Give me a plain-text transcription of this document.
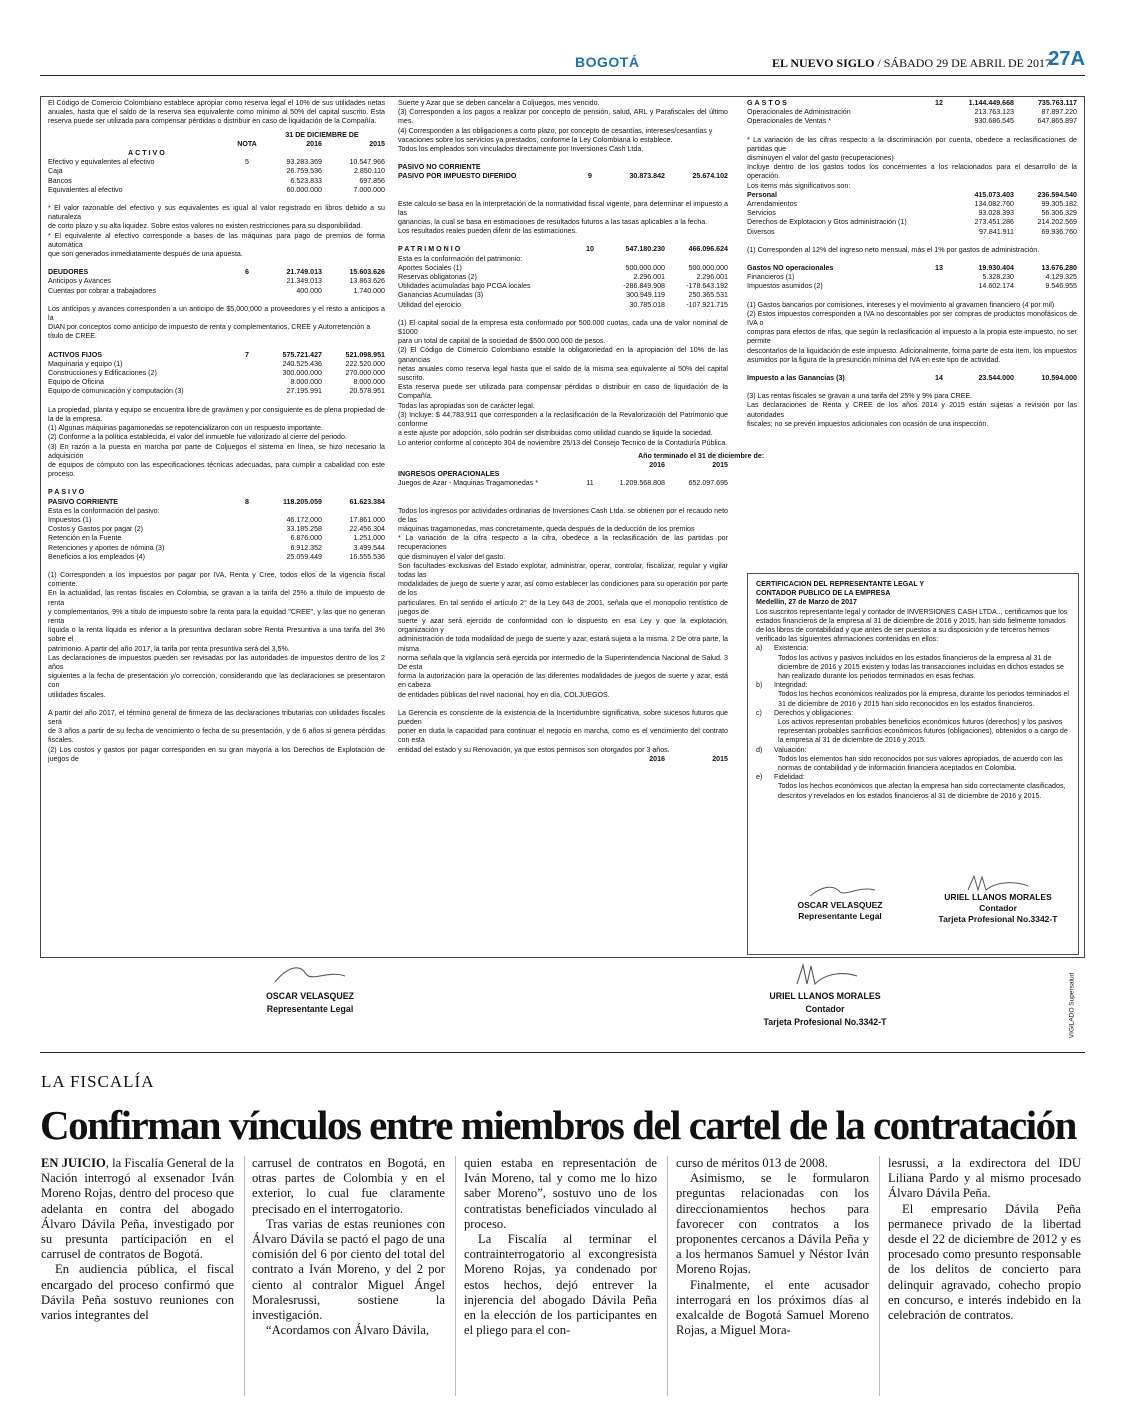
BOGOTÁ	EL NUEVO SIGLO / SÁBADO 29 DE ABRIL DE 2017
27A

El Código de Comercio Colombiano establece apropiar como reserva legal el 10% de sus utilidades netas anuales, hasta que el saldo de la reserva sea equivalente como mínimo al 50% del capital suscrito. Esta reserva puede ser utilizada para compensar pérdidas o distribuir en caso de liquidación de la Compañía.

31 DE DICIEMBRE DE
NOTA	2016	2015
ACTIVO
Efectivo y equivalentes al efectivo	5	93.283.369	10.547.966
Caja	26.759.536	2.850.110
Bancos	6.523.833	697.856
Equivalentes al efectivo	60.000.000	7.000.000

* El valor razonable del efectivo y sus equivalentes es igual al valor registrado en libros debido a su naturaleza

de corto plazo y su alta liquidez. Sobre estos valores no existen restricciones para su disponibilidad.

* El equivalente al efectivo corresponde a bases de las máquinas para pago de premios de forma automática

que son generados inmediatamente después de una apuesta.

DEUDORES	6	21.749.013	15.603.626
Anticipos y Avances	21.349.013	13.863.626
Cuentas por cobrar a trabajadores	400.000	1.740.000

Los anticipos y avances corresponden a un anticipo de $5,000,000 a proveedores y el resto a anticipos a la

DIAN por conceptos como anticipo de impuesto de renta y complementarios, CREE y Autorretención a

título de CREE.

ACTIVOS FIJOS	7	575.721.427	521.098.951
Maquinaria y equipo (1)	240.525.436	222.520.000
Construcciones y Edificaciones (2)	300.000.000	270.000.000
Equipo de Oficina	8.000.000	8.000.000
Equipo de comunicación y computación (3)	27.195.991	20.578.951

La propiedad, planta y equipo se encuentra libre de gravámen y por consiguiente es de plena propiedad de la de la empresa.

(1) Algunas máquinas pagamonedas se repotencializaron con un respuesto importante.

(2) Conforme a la política establecida, el valor del inmueble fue valorizado al cierre del periodo.

(3) En razón a la puesta en marcha por parte de Coljuegos el sistema en línea, se hizo necesario la adquisición

de equipos de cómputo con las especificaciones técnicas adecuadas, para cumplir a cabalidad con este proceso.

PASIVO
PASIVO CORRIENTE	8	118.205.059	61.623.384

Esta es la conformación del pasivo:

Impuestos (1)	46.172.000	17.861.000
Costos y Gastos por pagar (2)	33.185.258	22.456.304
Retención en la Fuente	6.876.000	1.251.000
Retenciones y aportes de nómina (3)	6.912.352	3.499.544
Beneficios a los empleados (4)	25.059.449	16.555.536

(1) Corresponden a los impuestos por pagar por IVA, Renta y Cree, todos ellos de la vigencia fiscal corriente.

En la actualidad, las rentas fiscales en Colombia, se gravan a la tarifa del 25% a título de impuesto de renta

y complementarios, 9% a título de impuesto sobre la renta para la equidad "CREE", y las que no generan renta

líquida o la renta líquida es inferior a la presuntiva declaran sobre Renta Presuntiva a una tarifa del 3% sobre el

patrimonio. A partir del año 2017, la tarifa por renta presuntiva será del 3,5%.

Las declaraciones de impuestos pueden ser revisadas por las autoridades de impuestos dentro de los 2 años

siguientes a la fecha de presentación y/o corrección, considerando que las declaraciones se presentaron con

utilidades fiscales.

A partir del año 2017, el término general de firmeza de las declaraciones tributarias con utilidades fiscales será

de 3 años a partir de su fecha de vencimiento o fecha de su presentación, y de 6 años si genera pérdidas fiscales.

(2) Los costos y gastos por pagar corresponden en su gran mayoría a los Derechos de Explotación de juegos de

Suerte y Azar que se deben cancelar a Coljuegos, mes vencido.

(3) Corresponden a los pagos a realizar por concepto de pensión, salud, ARL y Parafiscales del último mes.

(4) Corresponden a las obligaciones a corto plazo, por concepto de cesantías, intereses/cesantías y

vacaciones sobre los servicios ya prestados, conforme la Ley Colombiana lo establece.

Todos los empleados son vinculados directamente por Inversiones Cash Ltda.

PASIVO NO CORRIENTE

PASIVO POR IMPUESTO DIFERIDO	9	30.873.842	25.674.102

Este calculo se basa en la interpretación de la normatividad fiscal vigente, para determinar el impuesto a las

ganancias, la cual se basa en estimaciones de resultados futuros a las tasas aplicables a la fecha.

Los resultados reales pueden diferir de las estimaciones.

PATRIMONIO	10	547.180.230	466.096.624

Esta es la conformación del patrimonio:

Aportes Sociales (1)	500.000.000	500.000.000
Reservas obligatorias (2)	2.296.001	2.296.001
Utilidades acumuladas bajo PCGA locales	-286.849.908	-178.643.192
Ganancias Acumuladas (3)	300.949.119	250.365.531
Utilidad del ejercicio	30.785.018	-107.921.715

(1) El capital social de la empresa esta conformado por 500.000 cuotas, cada una de valor nominal de $1000

para un total de capital de la sociedad de $500.000.000 de pesos.

(2) El Código de Comercio Colombiano estable la obligatoriedad en la apropiación del 10% de las ganancias

netas anuales como reserva legal hasta que el saldo de la misma sea equivalente al 50% del capital suscrito.

Esta reserva puede ser utilizada para compensar pérdidas o distribuir en caso de liquidación de la Compañía.

Todas las apropiadas son de carácter legal.

(3) Incluye: $ 44,783,911 que corresponden a la reclasificación de la Revalorización del Patrimonio que conforme

a este ajuste por adopción, sólo podrán ser distribuidas como utilidad cuando se liquide la sociedad.

Lo anterior conforme al concepto 304 de noviembre 25/13 del Consejo Tecnico de la Contaduría Pública.

Año terminado el 31 de diciembre de:
2016	2015

INGRESOS OPERACIONALES

Juegos de Azar - Maquinas Tragamonedas *	11	1.209.568.808	652.097.695

Todos los ingresos por actividades ordinarias de Inversiones Cash Ltda. se obtienen por el recaudo neto de las

máquinas tragamonedas, mas concretamente, queda después de la deducción de los premios

* La variación de la cifra respecto a la cifra, obedece a la reclasificación de las partidas por recuperaciones

que disminuyen el valor del gasto.

Son facultades exclusivas del Estado explotar, administrar, operar, controlar, fiscalizar, regular y vigilar todas las

modalidades de juego de suerte y azar, así como establecer las condiciones para su operación por parte de los

particulares. En tal sentido el artículo 2° de la Ley 643 de 2001, señala que el monopolio rentístico de juegos de

suerte y azar será ejercido de conformidad con lo dispuesto en esa Ley y que la explotación, organización y

administración de toda modalidad de juego de suerte y azar, estará sujeta a la misma. 2 De otra parte, la misma

norma señala que la vigilancia será ejercida por intermedio de la Superintendencia Nacional de Salud. 3 De esta

forma la autorización para la operación de las diferentes modalidades de juegos de suerte y azar, está en cabeza

de entidades públicas del nivel nacional, hoy en día, COLJUEGOS.

La Gerencia es consciente de la existencia de la Incertidumbre significativa, sobre sucesos futuros que pueden

poner en duda la capacidad para continuar el negocio en marcha, como es el vencimiento del contrato con esta

entidad del estado y su Renovación, ya que estos permisos son otorgados por 3 años.

2016	2015
GASTOS	12	1.144.449.668	735.763.117
Operacionales de Administración	213.763.123	87.897.220
Operacionales de Ventas *	930.686.545	647.865.897

* La variación de las cifras respecto a la discriminación por cuenta, obedece a reclasificaciones de partidas que

disminuyen el valor del gasto (recuperaciones)

Incluye dentro de los gastos todos los concernientes a los relacionados para el desarrollo de la operación.

Los items más significativos son:

Personal	415.073.403	236.594.540
Arrendamientos	134.082.760	99.305.182
Servicios	93.028.393	56.306.329
Derechos de Explotacion y Gtos administración (1)	273.451.286	214.202.569
Diversos	97.841.911	69.936.760

(1) Corresponden al 12% del ingreso neto mensual, más el 1% por gastos de administración.

Gastos NO operacionales	13	19.930.404	13.676.280
Financieros (1)	5.328.230	4.129.325
Impuestos asumidos (2)	14.602.174	9.546.955

(1) Gastos bancarios por comisiones, intereses y el movimiento al gravamen financiero (4 por mil)

(2) Estos impuestos corresponden a IVA no descontables por ser compras de productos monofásicos de IVA o

compras para efectos de rifas, que según la reclasificación al impuesto a la propia este impuesto, no ser permite

descontarlos de la liquidación de este impuesto. Adicionalmente, forma parte de esta ítem, los impuestos

asumidos por la figura de la presunción mínima del IVA en este tipo de actividad.

Impuesto a las Ganancias (3)	14	23.544.000	10.594.000

(3) Las rentas fiscales se gravan a una tarifa del 25% y 9% para CREE.

Las declaraciones de Renta y CREE de los años 2014 y 2015 están sujetas a revisión por las autoridades

fiscales; no se prevén impuestos adicionales con ocasión de una inspección.

CERTIFICACION DEL REPRESENTANTE LEGAL Y

CONTADOR PUBLICO DE LA EMPRESA

Medellín, 27 de Marzo de 2017

Los suscritos representante legal y contador de INVERSIONES CASH LTDA.., certificamos que los estados financieros de la empresa al 31 de diciembre de 2016 y 2015, han sido fielmente tomados de los libros de contabilidad y que antes de ser puestos a su disposición y de terceros hemos verificado las siguientes afirmaciones contenidas en ellos:

a)	Existencia:

Todos los activos y pasivos incluidos en los estados financieros de la empresa al 31 de diciembre de 2016 y 2015 existen y todas las transacciones incluidas en dichos estados se han realizado durante los periodos terminados en esas fechas.

b)	Integridad:

Todos los hechos económicos realizados por la empresa, durante los periodos terminados el 31 de diciembre de 2016 y 2015 han sido reconocidos en los estados financieros.

c)	Derechos y obligaciones:

Los activos representan probables beneficios económicos futuros (derechos) y los pasivos representan probables sacrificios económicos futuros (obligaciones), obtenidos o a cargo de la empresa al 31 de diciembre de 2016 y 2015.

d)	Valuación:

Todos los elementos han sido reconocidos por sus valores apropiados, de acuerdo con las normas de contabilidad y de información financiera aceptados en Colombia.

e)	Fidelidad:

Todos los hechos económicos que afectan la empresa han sido correctamente clasificados, descritos y revelados en los estados financieros al 31 de diciembre de 2016 y 2015.

OSCAR VELASQUEZ
Representante Legal
URIEL LLANOS MORALES
Contador
Tarjeta Profesional No.3342-T

OSCAR VELASQUEZ
Representante Legal

URIEL LLANOS MORALES
Contador
Tarjeta Profesional No.3342-T	VIGILADO Supersalud
LA FISCALÍA
Confirman vínculos entre miembros del cartel de la contratación

EN JUICIO, la Fiscalía General de la Nación interrogó al exsenador Iván Moreno Rojas, dentro del proceso que adelanta en contra del abogado Álvaro Dávila Peña, investigado por su presunta participación en el carrusel de contratos de Bogotá.

En audiencia pública, el fiscal encargado del proceso confirmó que Dávila Peña sostuvo reuniones con varios integrantes del

carrusel de contratos en Bogotá, en otras partes de Colombia y en el exterior, lo cual fue claramente precisado en el interrogatorio.

Tras varias de estas reuniones con Álvaro Dávila se pactó el pago de una comisión del 6 por ciento del total del contrato a Iván Moreno, y del 2 por ciento al contralor Miguel Ángel Moralesrussi, sostiene la investigación.

“Acordamos con Álvaro Dávila,

quien estaba en representación de Iván Moreno, tal y como me lo hizo saber Moreno”, sostuvo uno de los contratistas beneficiados vinculado al proceso.

La Fiscalía al terminar el contrainterrogatorio al excongresista Moreno Rojas, ya condenado por estos hechos, dejó entrever la injerencia del abogado Dávila Peña en la elección de los participantes en el pliego para el con-

curso de méritos 013 de 2008.

Asimismo, se le formularon preguntas relacionadas con los direccionamientos hechos para favorecer con contratos a los proponentes cercanos a Dávila Peña y a los hermanos Samuel y Néstor Iván Moreno Rojas.

Finalmente, el ente acusador interrogará en los próximos días al exalcalde de Bogotá Samuel Moreno Rojas, a Miguel Mora-

lesrussi, a la exdirectora del IDU Liliana Pardo y al mismo procesado Álvaro Dávila Peña.

El empresario Dávila Peña permanece privado de la libertad desde el 22 de diciembre de 2012 y es procesado como presunto responsable de los delitos de concierto para delinquir agravado, cohecho propio en concurso, e interés indebido en la celebración de contratos.
